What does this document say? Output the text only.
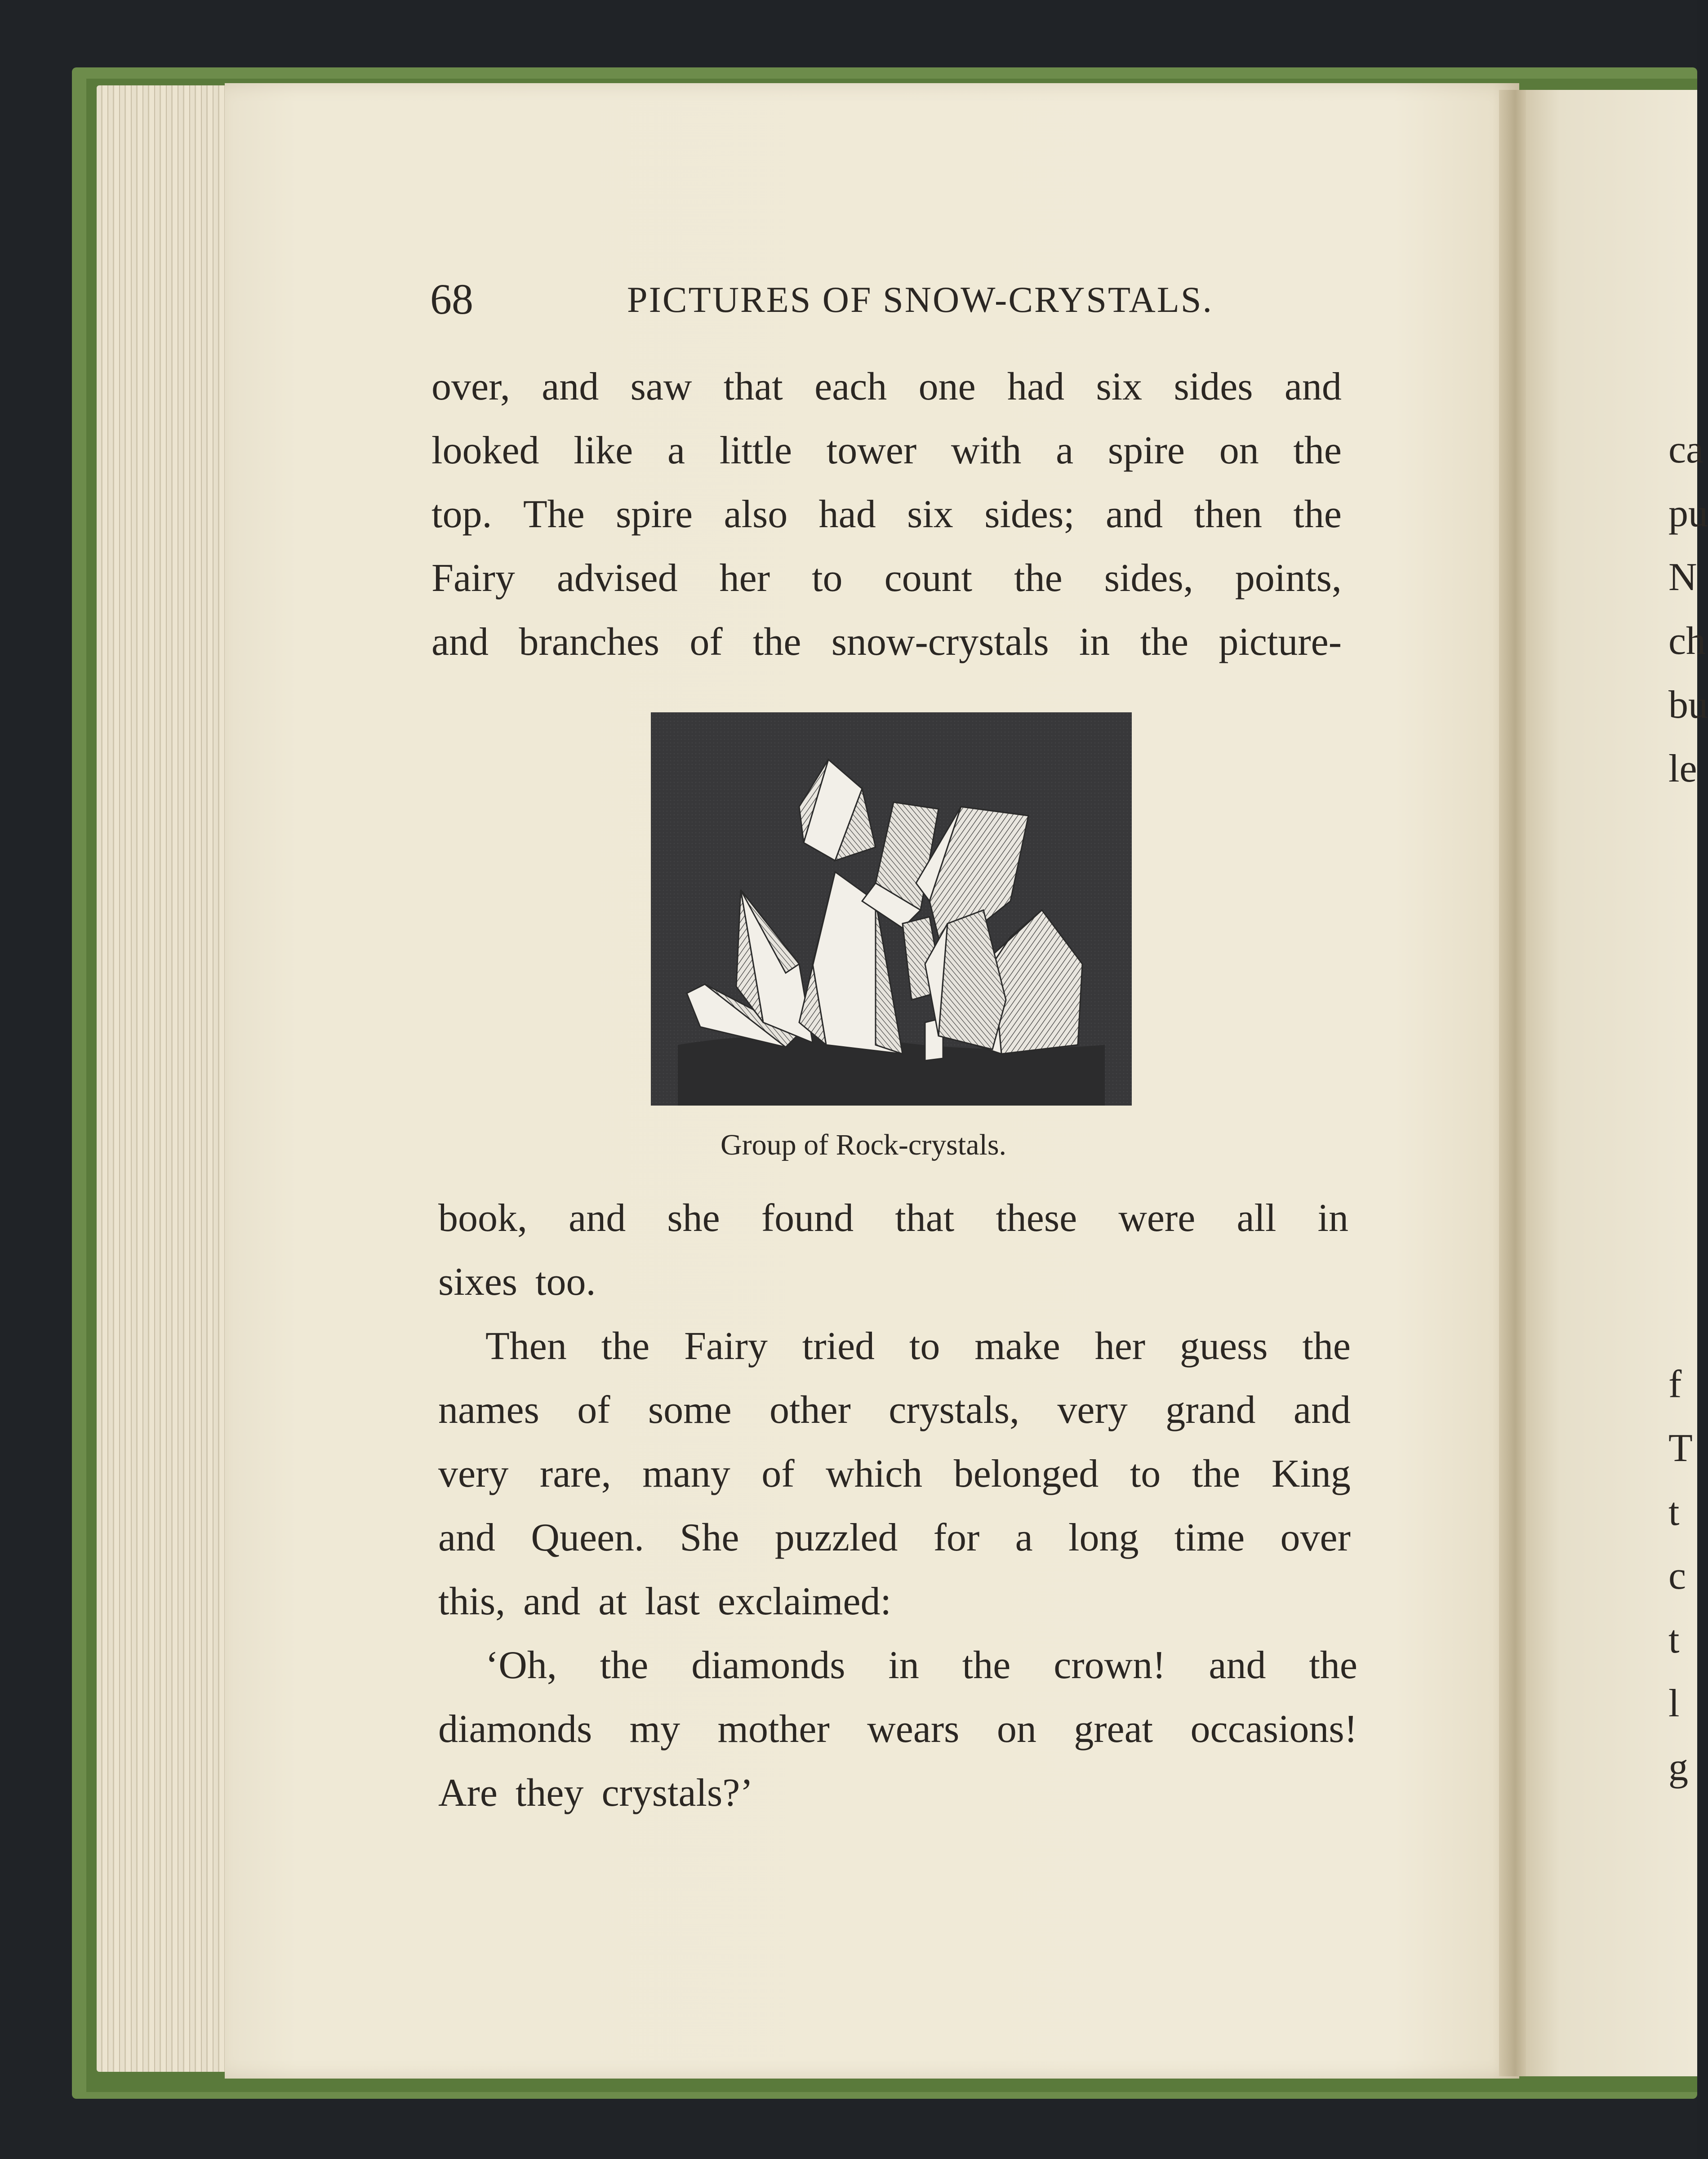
68	PICTURES OF SNOW-CRYSTALS.
over, and saw that each one had six sides and
looked like a little tower with a spire on the
top. The spire also had six sides; and then the
Fairy advised her to count the sides, points,
and branches of the snow-crystals in the picture-
Group of Rock-crystals.
book, and she found that these were all in
sixes too.
Then the Fairy tried to make her guess the
names of some other crystals, very grand and
very rare, many of which belonged to the King
and Queen. She puzzled for a long time over
this, and at last exclaimed:
‘Oh, the diamonds in the crown! and the
diamonds my mother wears on great occasions!
Are they crystals?’
ca
pu
N
ch
bu
le
f
T
t
c
t
l
g
